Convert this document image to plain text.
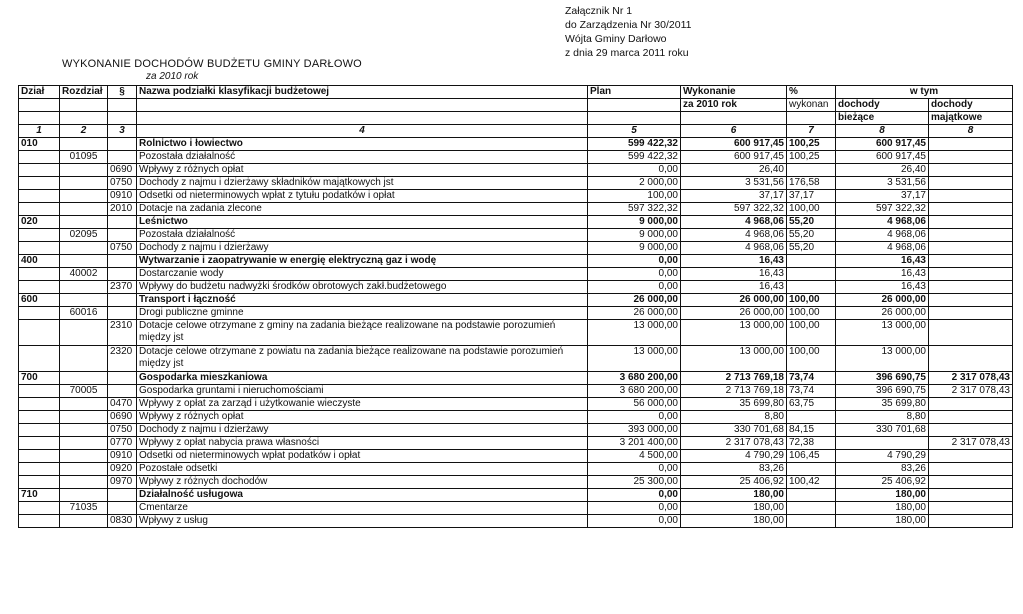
Załącznik Nr 1
do Zarządzenia Nr 30/2011
Wójta Gminy Darłowo
z dnia 29 marca 2011 roku
WYKONANIE DOCHODÓW BUDŻETU GMINY DARŁOWO
za 2010 rok
Dział	Rozdział	§	Nazwa podziałki klasyfikacji budżetowej	Plan	Wykonanie	%	w tym	
					za 2010 rok	wykonan	dochody	dochody
							bieżące	majątkowe
1	2	3	4	5	6	7	8	8
010			Rolnictwo i łowiectwo	599 422,32	600 917,45	100,25	600 917,45	
	01095		Pozostała działalność	599 422,32	600 917,45	100,25	600 917,45	
		0690	Wpływy z różnych opłat	0,00	26,40		26,40	
		0750	Dochody z najmu i dzierżawy składników majątkowych jst	2 000,00	3 531,56	176,58	3 531,56	
		0910	Odsetki od nieterminowych wpłat z tytułu podatków i opłat	100,00	37,17	37,17	37,17	
		2010	Dotacje na zadania zlecone	597 322,32	597 322,32	100,00	597 322,32	
020			Leśnictwo	9 000,00	4 968,06	55,20	4 968,06	
	02095		Pozostała działalność	9 000,00	4 968,06	55,20	4 968,06	
		0750	Dochody z najmu i dzierżawy	9 000,00	4 968,06	55,20	4 968,06	
400			Wytwarzanie i zaopatrywanie w energię elektryczną gaz i wodę	0,00	16,43		16,43	
	40002		Dostarczanie wody	0,00	16,43		16,43	
		2370	Wpływy do budżetu nadwyżki środków obrotowych zakł.budżetowego	0,00	16,43		16,43	
600			Transport i łączność	26 000,00	26 000,00	100,00	26 000,00	
	60016		Drogi publiczne gminne	26 000,00	26 000,00	100,00	26 000,00	
		2310	Dotacje celowe otrzymane z gminy na zadania bieżące realizowane na podstawie porozumień między jst	13 000,00	13 000,00	100,00	13 000,00	
		2320	Dotacje celowe otrzymane z powiatu na zadania bieżące realizowane na podstawie porozumień między jst	13 000,00	13 000,00	100,00	13 000,00	
700			Gospodarka mieszkaniowa	3 680 200,00	2 713 769,18	73,74	396 690,75	2 317 078,43
	70005		Gospodarka gruntami i nieruchomościami	3 680 200,00	2 713 769,18	73,74	396 690,75	2 317 078,43
		0470	Wpływy z opłat za zarząd i użytkowanie wieczyste	56 000,00	35 699,80	63,75	35 699,80	
		0690	Wpływy z różnych opłat	0,00	8,80		8,80	
		0750	Dochody z najmu i dzierżawy	393 000,00	330 701,68	84,15	330 701,68	
		0770	Wpływy z opłat nabycia prawa własności	3 201 400,00	2 317 078,43	72,38		2 317 078,43
		0910	Odsetki od nieterminowych wpłat podatków i opłat	4 500,00	4 790,29	106,45	4 790,29	
		0920	Pozostałe odsetki	0,00	83,26		83,26	
		0970	Wpływy z różnych dochodów	25 300,00	25 406,92	100,42	25 406,92	
710			Działalność usługowa	0,00	180,00		180,00	
	71035		Cmentarze	0,00	180,00		180,00	
		0830	Wpływy z usług	0,00	180,00		180,00	
